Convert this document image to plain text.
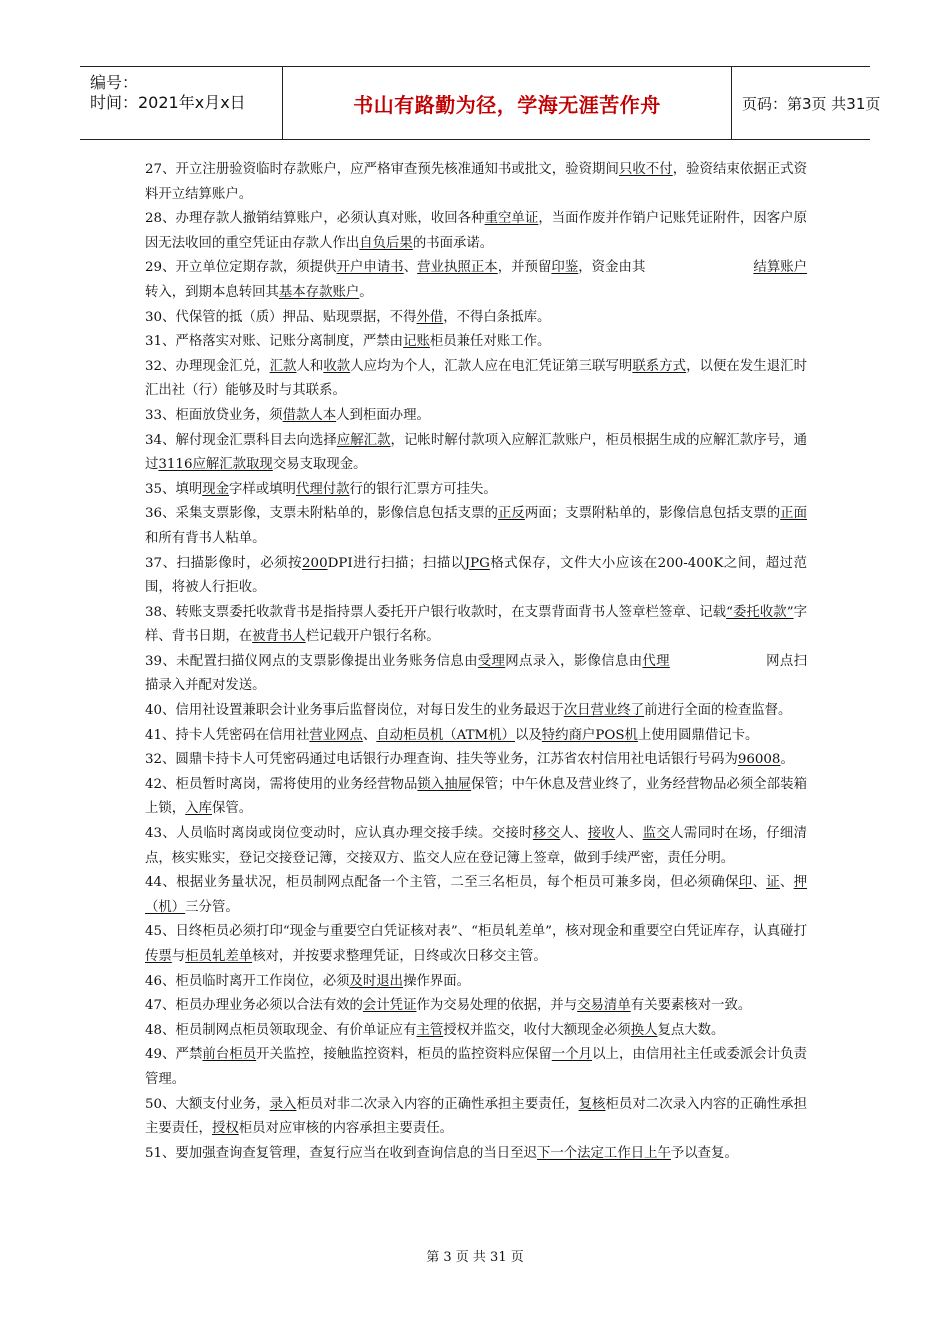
编号：
时间：2021年x月x日	书山有路勤为径，学海无涯苦作舟	页码：第3页 共31页

27、开立注册验资临时存款账户，应严格审查预先核准通知书或批文，验资期间只收不付，验资结束依据正式资料开立结算账户。

28、办理存款人撤销结算账户，必须认真对账，收回各种重空单证，当面作废并作销户记账凭证附件，因客户原因无法收回的重空凭证由存款人作出自负后果的书面承诺。

29、开立单位定期存款，须提供开户申请书、营业执照正本，并预留印鉴，资金由其	结算账户转入，到期本息转回其基本存款账户。

30、代保管的抵（质）押品、贴现票据，不得外借，不得白条抵库。

31、严格落实对账、记账分离制度，严禁由记账柜员兼任对账工作。

32、办理现金汇兑，汇款人和收款人应均为个人，汇款人应在电汇凭证第三联写明联系方式，以便在发生退汇时汇出社（行）能够及时与其联系。

33、柜面放贷业务，须借款人本人到柜面办理。

34、解付现金汇票科目去向选择应解汇款，记帐时解付款项入应解汇款账户，柜员根据生成的应解汇款序号，通过3116应解汇款取现交易支取现金。

35、填明现金字样或填明代理付款行的银行汇票方可挂失。

36、采集支票影像，支票未附粘单的，影像信息包括支票的正反两面；支票附粘单的，影像信息包括支票的正面和所有背书人粘单。

37、扫描影像时，必须按200DPI进行扫描；扫描以JPG格式保存，文件大小应该在200-400K之间，超过范围，将被人行拒收。

38、转账支票委托收款背书是指持票人委托开户银行收款时，在支票背面背书人签章栏签章、记载“委托收款”字样、背书日期，在被背书人栏记载开户银行名称。

39、未配置扫描仪网点的支票影像提出业务账务信息由受理网点录入，影像信息由代理	网点扫描录入并配对发送。

40、信用社设置兼职会计业务事后监督岗位，对每日发生的业务最迟于次日营业终了前进行全面的检查监督。

41、持卡人凭密码在信用社营业网点、自动柜员机（ATM机）以及特约商户POS机上使用圆鼎借记卡。

32、圆鼎卡持卡人可凭密码通过电话银行办理查询、挂失等业务，江苏省农村信用社电话银行号码为96008。

42、柜员暂时离岗，需将使用的业务经营物品锁入抽屉保管；中午休息及营业终了，业务经营物品必须全部装箱上锁，入库保管。

43、人员临时离岗或岗位变动时，应认真办理交接手续。交接时移交人、接收人、监交人需同时在场，仔细清点，核实账实，登记交接登记簿，交接双方、监交人应在登记簿上签章，做到手续严密，责任分明。

44、根据业务量状况，柜员制网点配备一个主管，二至三名柜员，每个柜员可兼多岗，但必须确保印、证、押（机）三分管。

45、日终柜员必须打印“现金与重要空白凭证核对表”、“柜员轧差单”，核对现金和重要空白凭证库存，认真碰打传票与柜员轧差单核对，并按要求整理凭证，日终或次日移交主管。

46、柜员临时离开工作岗位，必须及时退出操作界面。

47、柜员办理业务必须以合法有效的会计凭证作为交易处理的依据，并与交易清单有关要素核对一致。

48、柜员制网点柜员领取现金、有价单证应有主管授权并监交，收付大额现金必须换人复点大数。

49、严禁前台柜员开关监控，接触监控资料，柜员的监控资料应保留一个月以上，由信用社主任或委派会计负责管理。

50、大额支付业务，录入柜员对非二次录入内容的正确性承担主要责任，复核柜员对二次录入内容的正确性承担主要责任，授权柜员对应审核的内容承担主要责任。

51、要加强查询查复管理，查复行应当在收到查询信息的当日至迟下一个法定工作日上午予以查复。

第 3 页 共 31 页
